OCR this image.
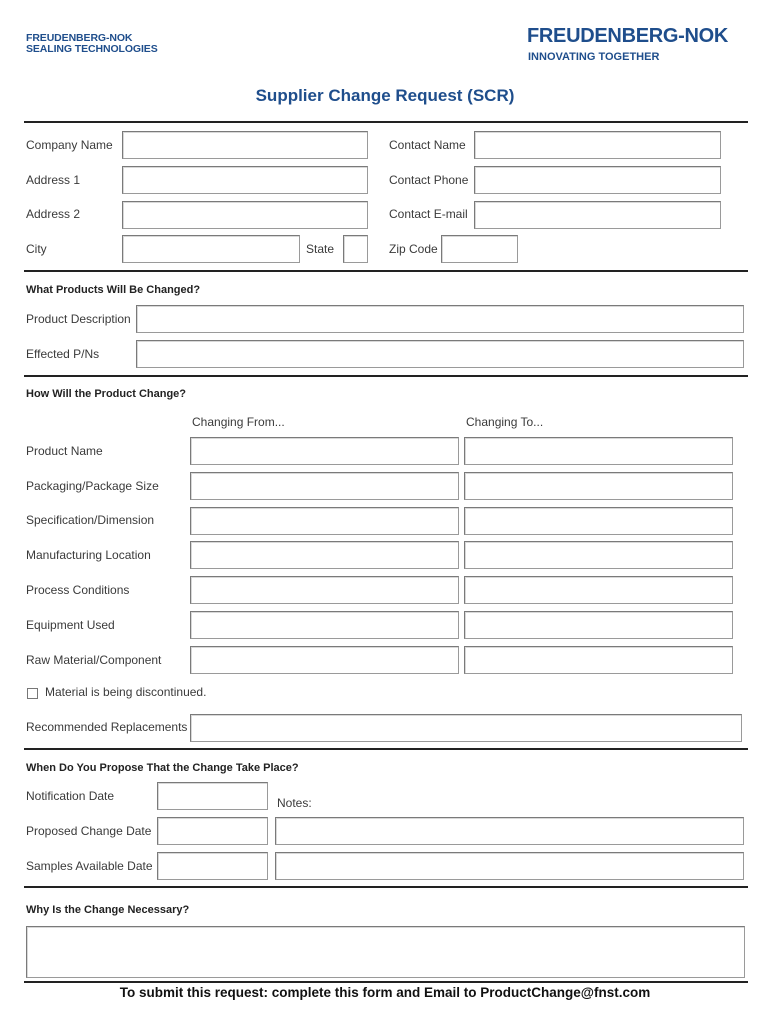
FREUDENBERG-NOK
SEALING TECHNOLOGIES
FREUDENBERG-NOK
INNOVATING TOGETHER
Supplier Change Request (SCR)
Company Name	Contact Name
Address 1	Contact Phone
Address 2	Contact E-mail
City	State	Zip Code
What Products Will Be Changed?
Product Description
Effected P/Ns
How Will the Product Change?
Changing From...	Changing To...
Product Name
Packaging/Package Size
Specification/Dimension
Manufacturing Location
Process Conditions
Equipment Used
Raw Material/Component
Material is being discontinued.
Recommended Replacements
When Do You Propose That the Change Take Place?
Notification Date	Notes:
Proposed Change Date
Samples Available Date
Why Is the Change Necessary?
To submit this request: complete this form and Email to ProductChange@fnst.com
